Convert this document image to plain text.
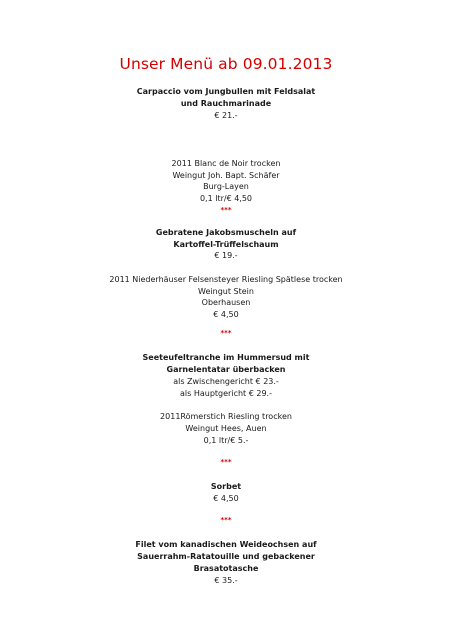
Unser Menü ab 09.01.2013
Carpaccio vom Jungbullen mit Feldsalat
und Rauchmarinade
€ 21.-
2011 Blanc de Noir trocken
Weingut Joh. Bapt. Schäfer
Burg-Layen
0,1 ltr/€ 4,50
***
Gebratene Jakobsmuscheln auf
Kartoffel-Trüffelschaum
€ 19.-
2011 Niederhäuser Felsensteyer Riesling Spätlese trocken
Weingut Stein
Oberhausen
€ 4,50
***
Seeteufeltranche im Hummersud mit
Garnelentatar überbacken
als Zwischengericht € 23.-
als Hauptgericht € 29.-
2011Römerstich Riesling trocken
Weingut Hees, Auen
0,1 ltr/€ 5.-
***
Sorbet
€ 4,50
***
Filet vom kanadischen Weideochsen auf
Sauerrahm-Ratatouille und gebackener
Brasatotasche
€ 35.-
